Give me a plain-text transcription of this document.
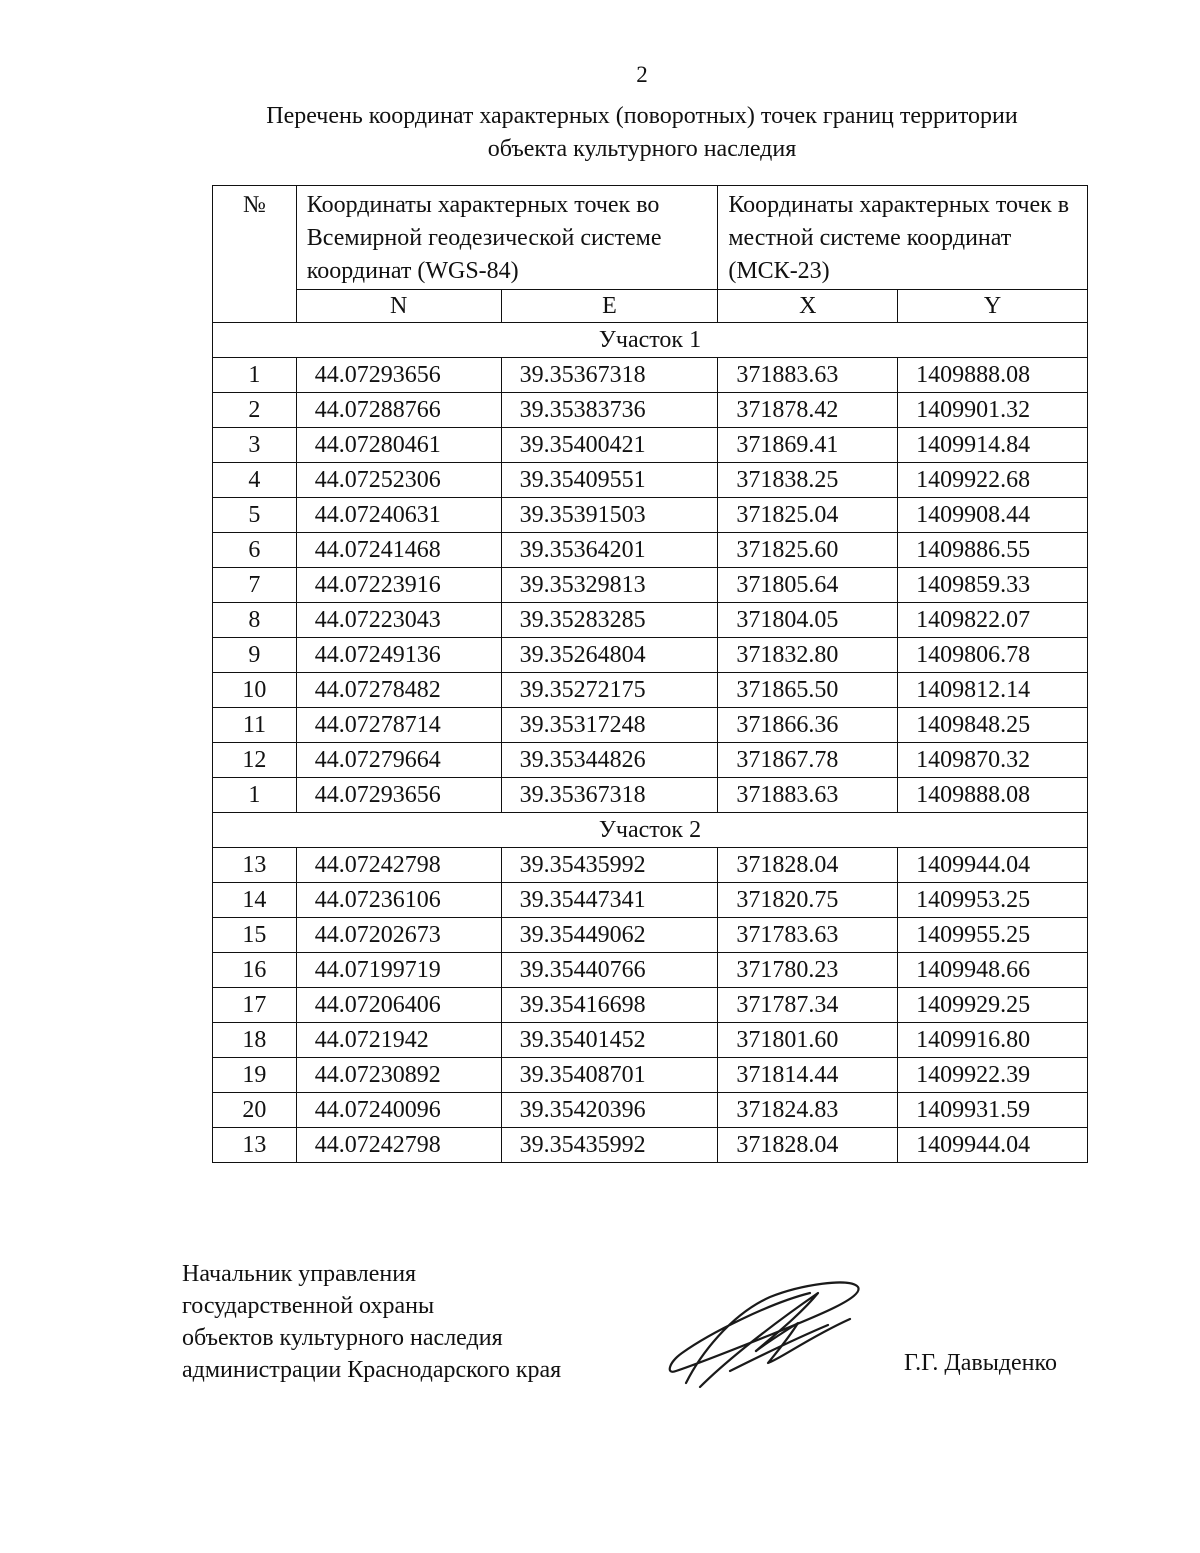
2
Перечень координат характерных (поворотных) точек границ территории
объекта культурного наследия
№	Координаты характерных точек во Всемирной геодезической системе координат (WGS-84)		Координаты характерных точек в местной системе координат (МСК-23)	
	N	E	X	Y
Участок 1				
1	44.07293656	39.35367318	371883.63	1409888.08
2	44.07288766	39.35383736	371878.42	1409901.32
3	44.07280461	39.35400421	371869.41	1409914.84
4	44.07252306	39.35409551	371838.25	1409922.68
5	44.07240631	39.35391503	371825.04	1409908.44
6	44.07241468	39.35364201	371825.60	1409886.55
7	44.07223916	39.35329813	371805.64	1409859.33
8	44.07223043	39.35283285	371804.05	1409822.07
9	44.07249136	39.35264804	371832.80	1409806.78
10	44.07278482	39.35272175	371865.50	1409812.14
11	44.07278714	39.35317248	371866.36	1409848.25
12	44.07279664	39.35344826	371867.78	1409870.32
1	44.07293656	39.35367318	371883.63	1409888.08
Участок 2				
13	44.07242798	39.35435992	371828.04	1409944.04
14	44.07236106	39.35447341	371820.75	1409953.25
15	44.07202673	39.35449062	371783.63	1409955.25
16	44.07199719	39.35440766	371780.23	1409948.66
17	44.07206406	39.35416698	371787.34	1409929.25
18	44.0721942	39.35401452	371801.60	1409916.80
19	44.07230892	39.35408701	371814.44	1409922.39
20	44.07240096	39.35420396	371824.83	1409931.59
13	44.07242798	39.35435992	371828.04	1409944.04
Начальник управления
государственной охраны
объектов культурного наследия
администрации Краснодарского края	Г.Г. Давыденко
